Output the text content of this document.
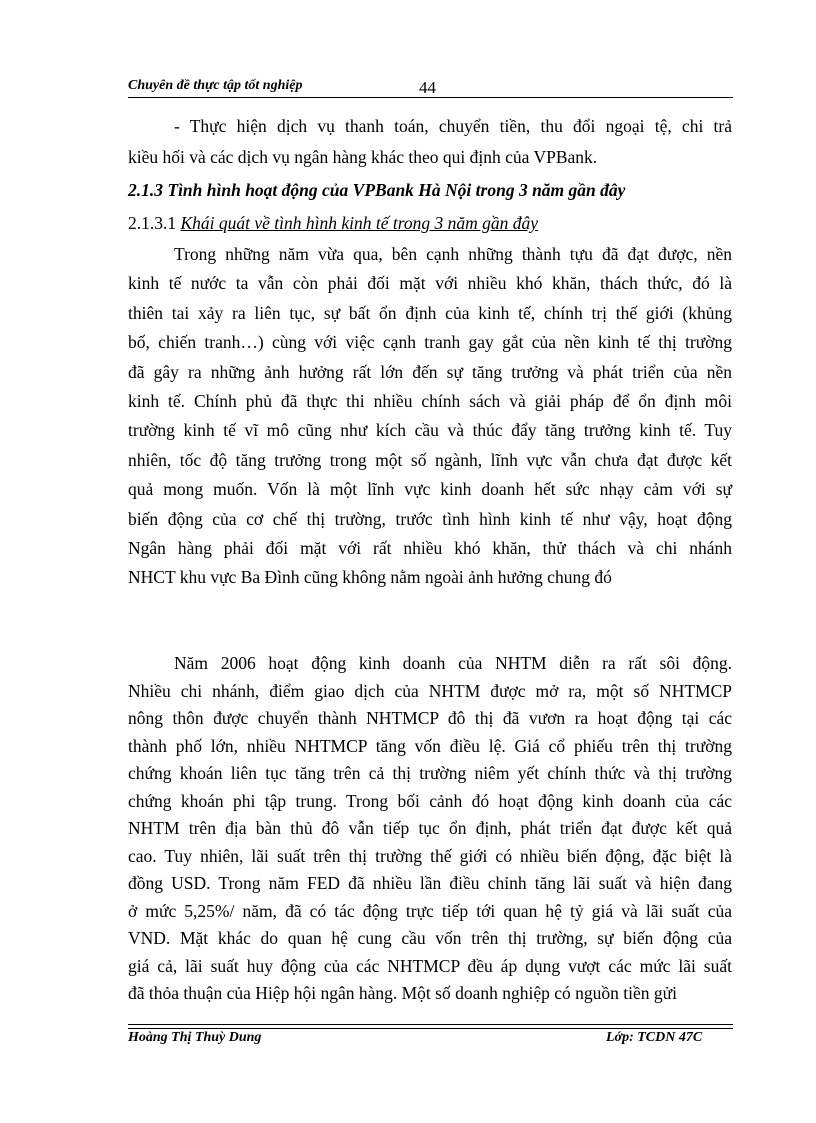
Chuyên đề thực tập tốt nghiệp	44
- Thực hiện dịch vụ thanh toán, chuyển tiền, thu đổi ngoại tệ, chi trả
kiều hối và các dịch vụ ngân hàng khác theo qui định của VPBank.
2.1.3 Tình hình hoạt động của VPBank Hà Nội trong 3 năm gần đây
2.1.3.1 Khái quát về tình hình kinh tế trong 3 năm gần đây
Trong những năm vừa qua, bên cạnh những thành tựu đã đạt được, nền
kinh tế nước ta vẫn còn phải đối mặt với nhiều khó khăn, thách thức, đó là
thiên tai xảy ra liên tục, sự bất ổn định của kinh tế, chính trị thế giới (khủng
bố, chiến tranh…) cùng với việc cạnh tranh gay gắt của nền kinh tế thị trường
đã gây ra những ảnh hưởng rất lớn đến sự tăng trưởng và phát triển của nền
kinh tế. Chính phủ đã thực thi nhiều chính sách và giải pháp để ổn định môi
trường kinh tế vĩ mô cũng như kích cầu và thúc đẩy tăng trưởng kinh tế. Tuy
nhiên, tốc độ tăng trưởng trong một số ngành, lĩnh vực vẫn chưa đạt được kết
quả mong muốn. Vốn là một lĩnh vực kinh doanh hết sức nhạy cảm với sự
biến động của cơ chế thị trường, trước tình hình kinh tế như vậy, hoạt động
Ngân hàng phải đối mặt với rất nhiều khó khăn, thử thách và chi nhánh
NHCT khu vực Ba Đình cũng không nằm ngoài ảnh hưởng chung đó
Năm 2006 hoạt động kinh doanh của NHTM diễn ra rất sôi động.
Nhiều chi nhánh, điểm giao dịch của NHTM được mở ra, một số NHTMCP
nông thôn được chuyển thành NHTMCP đô thị đã vươn ra hoạt động tại các
thành phố lớn, nhiều NHTMCP tăng vốn điều lệ. Giá cổ phiếu trên thị trường
chứng khoán liên tục tăng trên cả thị trường niêm yết chính thức và thị trường
chứng khoán phi tập trung. Trong bối cảnh đó hoạt động kinh doanh của các
NHTM trên địa bàn thủ đô vẫn tiếp tục ổn định, phát triển đạt được kết quả
cao. Tuy nhiên, lãi suất trên thị trường thế giới có nhiều biến động, đặc biệt là
đồng USD. Trong năm FED đã nhiều lần điều chỉnh tăng lãi suất và hiện đang
ở mức 5,25%/ năm, đã có tác động trực tiếp tới quan hệ tỷ giá và lãi suất của
VND. Mặt khác do quan hệ cung cầu vốn trên thị trường, sự biến động của
Hoàng Thị Thuỳ Dung	Lớp: TCDN 47C
giá cả, lãi suất huy động của các NHTMCP đều áp dụng vượt các mức lãi suất
đã thỏa thuận của Hiệp hội ngân hàng. Một số doanh nghiệp có nguồn tiền gửi
